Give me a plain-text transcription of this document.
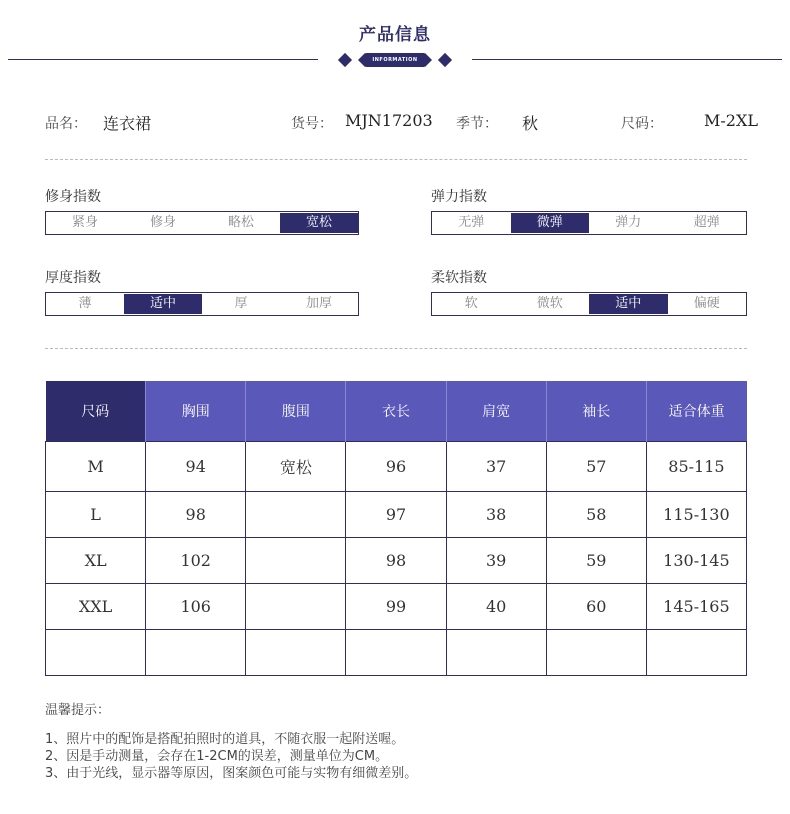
产品信息
INFORMATION
品名： 连衣裙	货号： MJN17203 季节： 秋	尺码：	M-2XL
修身指数
紧身	修身	略松	宽松
弹力指数
无弹	微弹	弹力	超弹
厚度指数
薄	适中	厚	加厚
柔软指数
软	微软	适中	偏硬
尺码	胸围	腹围	衣长	肩宽	袖长	适合体重
M	94	宽松	96	37	57	85-115
L	98		97	38	58	115-130
XL	102		98	39	59	130-145
XXL	106		99	40	60	145-165

温馨提示：
1、照片中的配饰是搭配拍照时的道具，不随衣服一起附送喔。
2、因是手动测量，会存在1-2CM的误差，测量单位为CM。
3、由于光线，显示器等原因，图案颜色可能与实物有细微差别。
